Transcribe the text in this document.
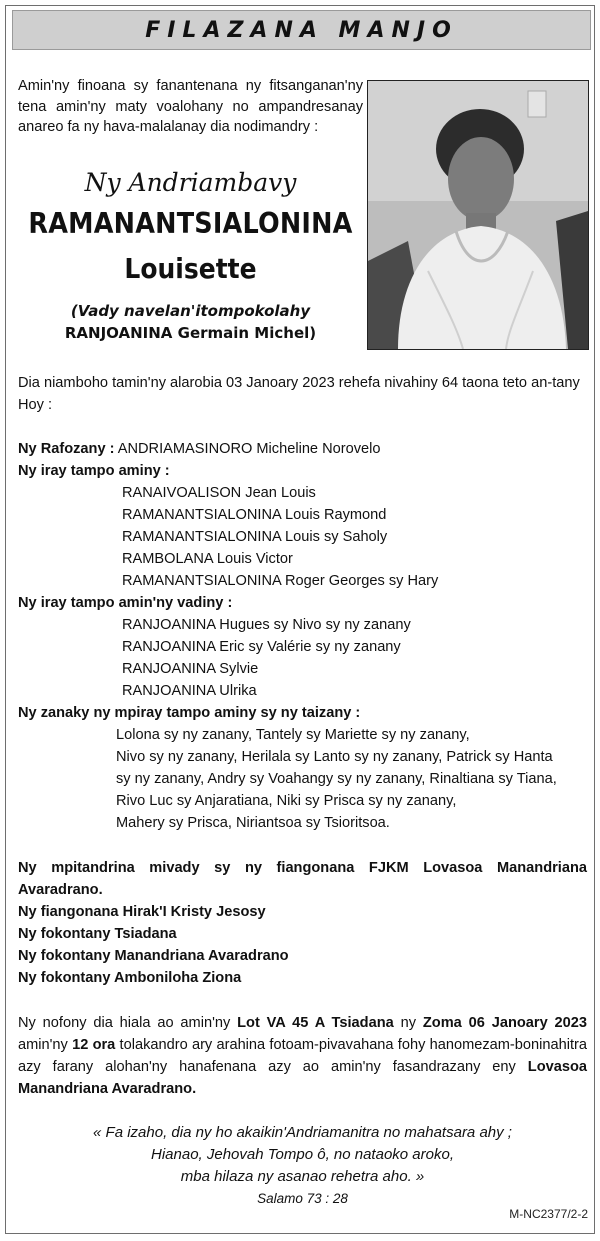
FILAZANA MANJO
Amin'ny finoana sy fanantenana ny fitsanganan'ny tena amin'ny maty voalohany no ampandresanay anareo fa ny hava-malalanay dia nodimandry :
Ny Andriambavy
RAMANANTSIALONINA
Louisette
(Vady navelan'itompokolahy
RANJOANINA Germain Michel)
Dia niamboho tamin'ny alarobia 03 Janoary 2023 rehefa nivahiny 64 taona teto an-tany
Hoy :
Ny Rafozany : ANDRIAMASINORO Micheline Norovelo
Ny iray tampo aminy :
RANAIVOALISON Jean Louis
RAMANANTSIALONINA Louis Raymond
RAMANANTSIALONINA Louis sy Saholy
RAMBOLANA Louis Victor
RAMANANTSIALONINA Roger Georges sy Hary
Ny iray tampo amin'ny vadiny :
RANJOANINA Hugues sy Nivo sy ny zanany
RANJOANINA Eric sy Valérie sy ny zanany
RANJOANINA Sylvie
RANJOANINA Ulrika
Ny zanaky ny mpiray tampo aminy sy ny taizany :
Lolona sy ny zanany, Tantely sy Mariette sy ny zanany,
Nivo sy ny zanany, Herilala sy Lanto sy ny zanany, Patrick sy Hanta
sy ny zanany, Andry sy Voahangy sy ny zanany, Rinaltiana sy Tiana,
Rivo Luc sy Anjaratiana, Niki sy Prisca sy ny zanany,
Mahery sy Prisca, Niriantsoa sy Tsioritsoa.
Ny mpitandrina mivady sy ny fiangonana FJKM Lovasoa Manandriana Avaradrano.
Ny fiangonana Hirak'I Kristy Jesosy
Ny fokontany Tsiadana
Ny fokontany Manandriana Avaradrano
Ny fokontany Amboniloha Ziona
Ny nofony dia hiala ao amin'ny Lot VA 45 A Tsiadana ny Zoma 06 Janoary 2023 amin'ny 12 ora tolakandro ary arahina fotoam-pivavahana fohy hanomezam-boninahitra azy farany alohan'ny hanafenana azy ao amin'ny fasandrazany eny Lovasoa Manandriana Avaradrano.
« Fa izaho, dia ny ho akaikin'Andriamanitra no mahatsara ahy ;
Hianao, Jehovah Tompo ô, no nataoko aroko,
mba hilaza ny asanao rehetra aho. »
Salamo 73 : 28
M-NC2377/2-2
